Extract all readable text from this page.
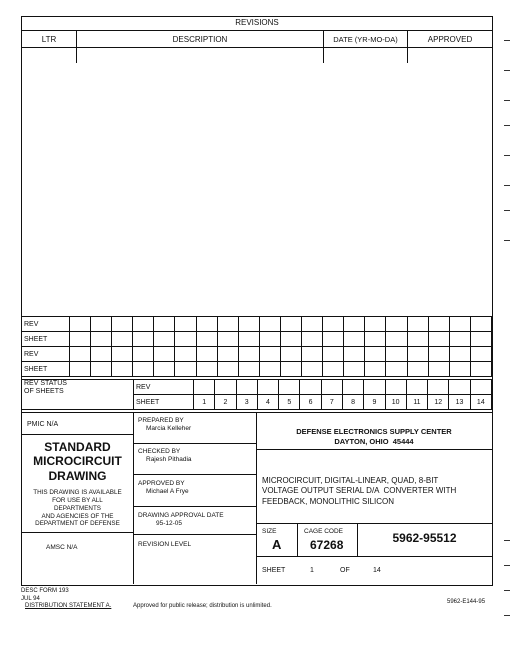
REVISIONS
LTR	DESCRIPTION	DATE (YR-MO-DA)	APPROVED
REV																				
SHEET																				
REV																				
SHEET																				
REV STATUS
OF SHEETS	REV														
	SHEET	1	2	3	4	5	6	7	8	9	10	11	12	13	14
PMIC N/A
STANDARD
MICROCIRCUIT
DRAWING
THIS DRAWING IS AVAILABLE
FOR USE BY ALL
DEPARTMENTS
AND AGENCIES OF THE
DEPARTMENT OF DEFENSE
AMSC N/A
PREPARED BY
Marcia Kelleher
CHECKED BY
Rajesh Pithadia
APPROVED BY
Michael A Frye
DRAWING APPROVAL DATE
95-12-05
REVISION LEVEL
DEFENSE ELECTRONICS SUPPLY CENTER
DAYTON, OHIO  45444
MICROCIRCUIT, DIGITAL-LINEAR, QUAD, 8-BIT
VOLTAGE OUTPUT SERIAL D/A  CONVERTER WITH
FEEDBACK, MONOLITHIC SILICON
SIZE
A
CAGE CODE
67268	5962-95512
SHEET	1	OF	14
DESC FORM 193
JUL 94
DISTRIBUTION STATEMENT A.	Approved for public release; distribution is unlimited.
5962-E144-95
